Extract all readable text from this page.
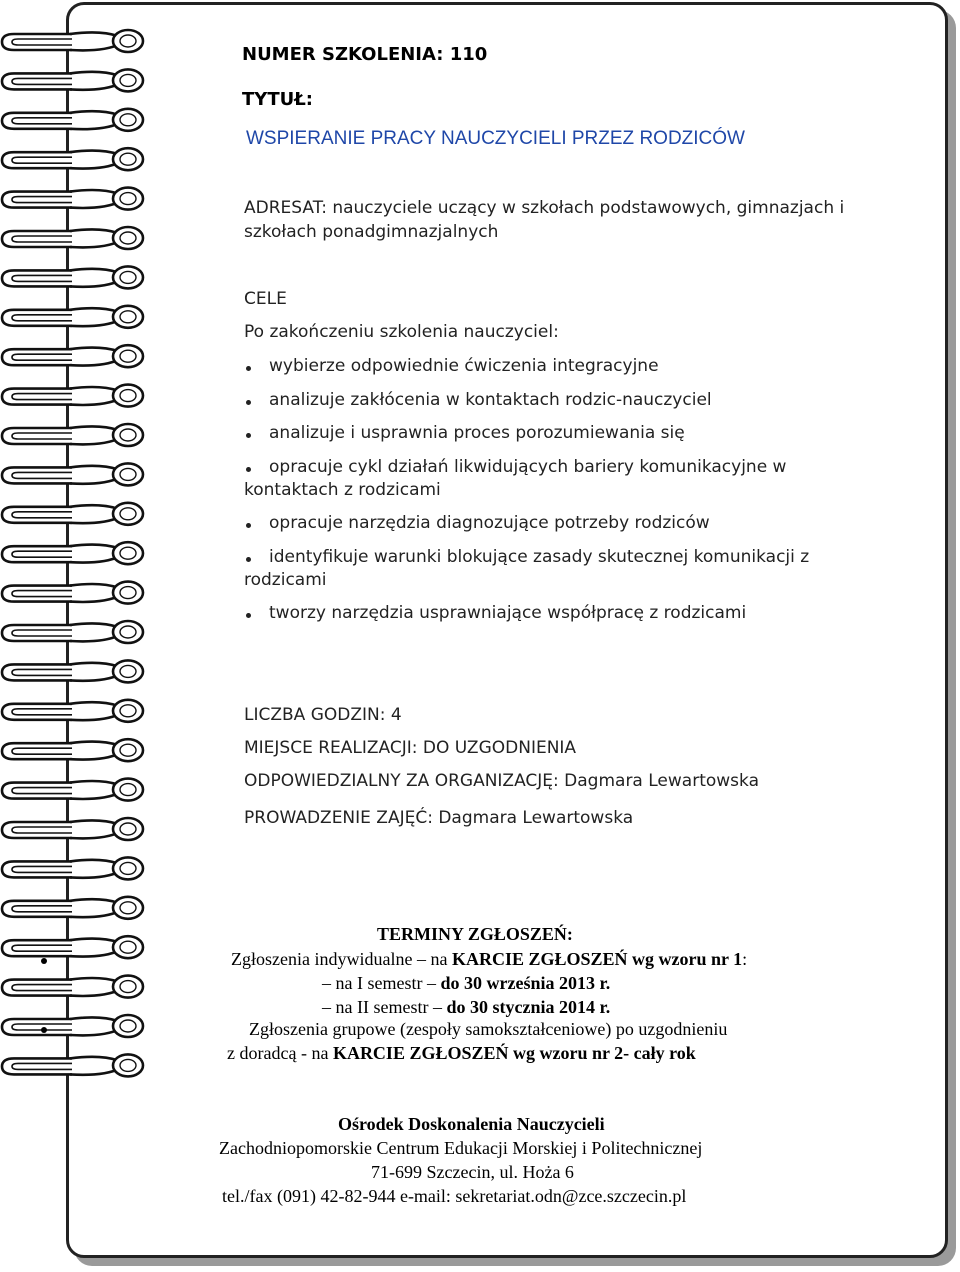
NUMER SZKOLENIA: 110
TYTUŁ:
WSPIERANIE PRACY NAUCZYCIELI PRZEZ RODZICÓW
ADRESAT: nauczyciele uczący w szkołach podstawowych, gimnazjach i
szkołach ponadgimnazjalnych
CELE
Po zakończeniu szkolenia nauczyciel:
wybierze odpowiednie ćwiczenia integracyjne
analizuje zakłócenia w kontaktach rodzic-nauczyciel
analizuje i usprawnia proces porozumiewania się
opracuje cykl działań likwidujących bariery komunikacyjne w
kontaktach z rodzicami
opracuje narzędzia diagnozujące potrzeby rodziców
identyfikuje warunki blokujące zasady skutecznej komunikacji z
rodzicami
tworzy narzędzia usprawniające współpracę z rodzicami
LICZBA GODZIN: 4
MIEJSCE REALIZACJI: DO UZGODNIENIA
ODPOWIEDZIALNY ZA ORGANIZACJĘ: Dagmara Lewartowska
PROWADZENIE ZAJĘĆ: Dagmara Lewartowska
TERMINY ZGŁOSZEŃ:
Zgłoszenia indywidualne – na KARCIE ZGŁOSZEŃ wg wzoru nr 1:
– na I semestr – do 30 września 2013 r.
– na II semestr – do 30 stycznia 2014 r.
Zgłoszenia grupowe (zespoły samokształceniowe) po uzgodnieniu
z doradcą - na KARCIE ZGŁOSZEŃ wg wzoru nr 2- cały rok
Ośrodek Doskonalenia Nauczycieli
Zachodniopomorskie Centrum Edukacji Morskiej i Politechnicznej
71-699 Szczecin, ul. Hoża 6
tel./fax (091) 42-82-944 e-mail: sekretariat.odn@zce.szczecin.pl
